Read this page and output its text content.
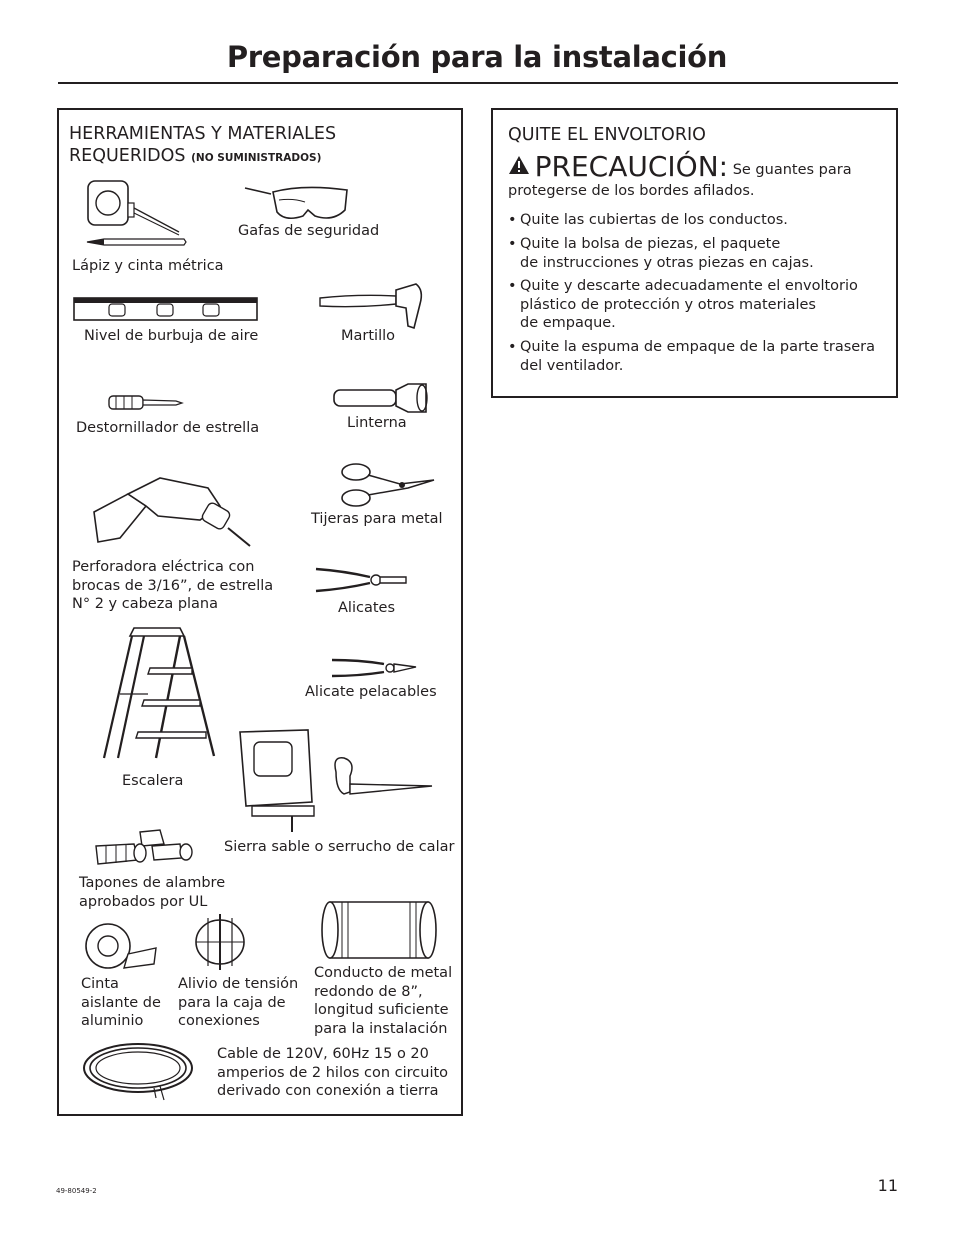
Preparación para la instalación
HERRAMIENTAS Y MATERIALES
REQUERIDOS (NO SUMINISTRADOS)
Lápiz y cinta métrica
Gafas de seguridad
Nivel de burbuja de aire	Martillo
Destornillador de estrella	Linterna
Tijeras para metal
Perforadora eléctrica con
brocas de 3/16”, de estrella
N° 2 y cabeza plana	Alicates
Alicate pelacables
Escalera
Sierra sable o serrucho de calar
Tapones de alambre
aprobados por UL
Cinta
aislante de
aluminio
Alivio de tensión
para la caja de
conexiones
Conducto de metal
redondo de 8”,
longitud suficiente
para la instalación
Cable de 120V, 60Hz 15 o 20
amperios de 2 hilos con circuito
derivado con conexión a tierra
QUITE EL ENVOLTORIO
PRECAUCIÓN: Se guantes para
protegerse de los bordes afilados.
• Quite las cubiertas de los conductos.
• Quite la bolsa de piezas, el paquete
de instrucciones y otras piezas en cajas.
• Quite y descarte adecuadamente el envoltorio
plástico de protección y otros materiales
de empaque.
• Quite la espuma de empaque de la parte trasera
del ventilador.
49-80549-2	11
